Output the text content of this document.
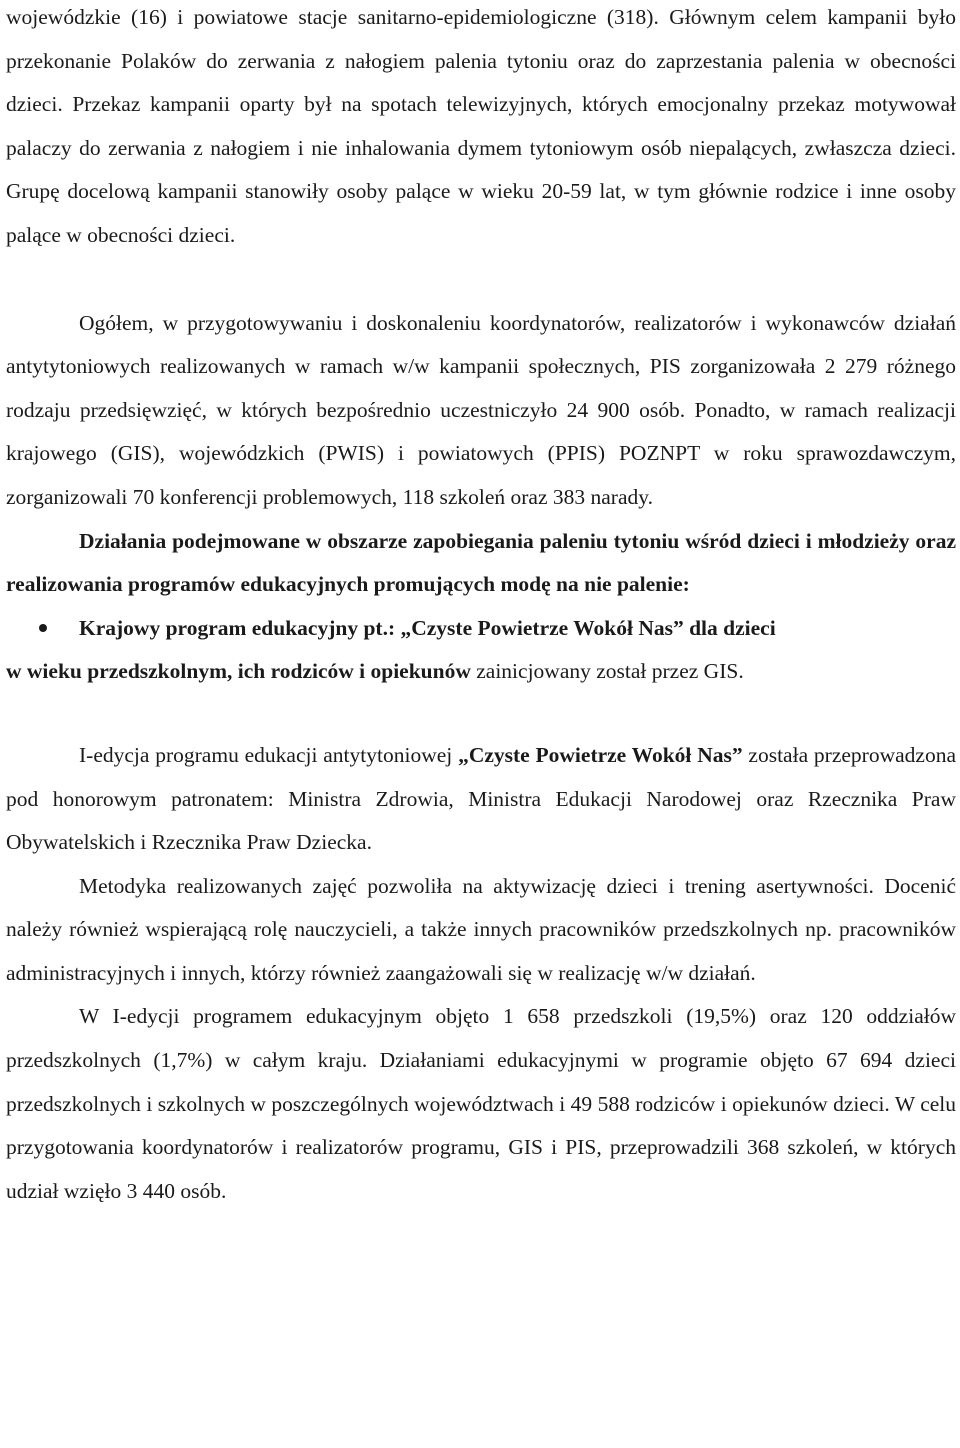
wojewódzkie (16) i powiatowe stacje sanitarno-epidemiologiczne (318). Głównym celem kampanii było przekonanie Polaków do zerwania z nałogiem palenia tytoniu oraz do zaprzestania palenia w obecności dzieci. Przekaz kampanii oparty był na spotach telewizyjnych, których emocjonalny przekaz motywował palaczy do zerwania z nałogiem i nie inhalowania dymem tytoniowym osób niepalących, zwłaszcza dzieci. Grupę docelową kampanii stanowiły osoby palące w wieku 20-59 lat, w tym głównie rodzice i inne osoby palące w obecności dzieci.

Ogółem, w przygotowywaniu i doskonaleniu koordynatorów, realizatorów i wykonawców działań antytytoniowych realizowanych w ramach w/w kampanii społecznych, PIS zorganizowała 2 279 różnego rodzaju przedsięwzięć, w których bezpośrednio uczestniczyło 24 900 osób. Ponadto, w ramach realizacji krajowego (GIS), wojewódzkich (PWIS) i powiatowych (PPIS) POZNPT w roku sprawozdawczym, zorganizowali 70 konferencji problemowych, 118 szkoleń oraz 383 narady.

Działania podejmowane w obszarze zapobiegania paleniu tytoniu wśród dzieci i młodzieży oraz realizowania programów edukacyjnych promujących modę na nie palenie:

Krajowy program edukacyjny pt.: „Czyste Powietrze Wokół Nas” dla dzieci

w wieku przedszkolnym, ich rodziców i opiekunów zainicjowany został przez GIS.

I-edycja programu edukacji antytytoniowej „Czyste Powietrze Wokół Nas” została przeprowadzona pod honorowym patronatem: Ministra Zdrowia, Ministra Edukacji Narodowej oraz Rzecznika Praw Obywatelskich i Rzecznika Praw Dziecka.

Metodyka realizowanych zajęć pozwoliła na aktywizację dzieci i trening asertywności. Docenić należy również wspierającą rolę nauczycieli, a także innych pracowników przedszkolnych np. pracowników administracyjnych i innych, którzy również zaangażowali się w realizację w/w działań.

W I-edycji programem edukacyjnym objęto 1 658 przedszkoli (19,5%) oraz 120 oddziałów przedszkolnych (1,7%) w całym kraju. Działaniami edukacyjnymi w programie objęto 67 694 dzieci przedszkolnych i szkolnych w poszczególnych województwach i 49 588 rodziców i opiekunów dzieci. W celu przygotowania koordynatorów i realizatorów programu, GIS i PIS, przeprowadzili 368 szkoleń, w których udział wzięło 3 440 osób.
